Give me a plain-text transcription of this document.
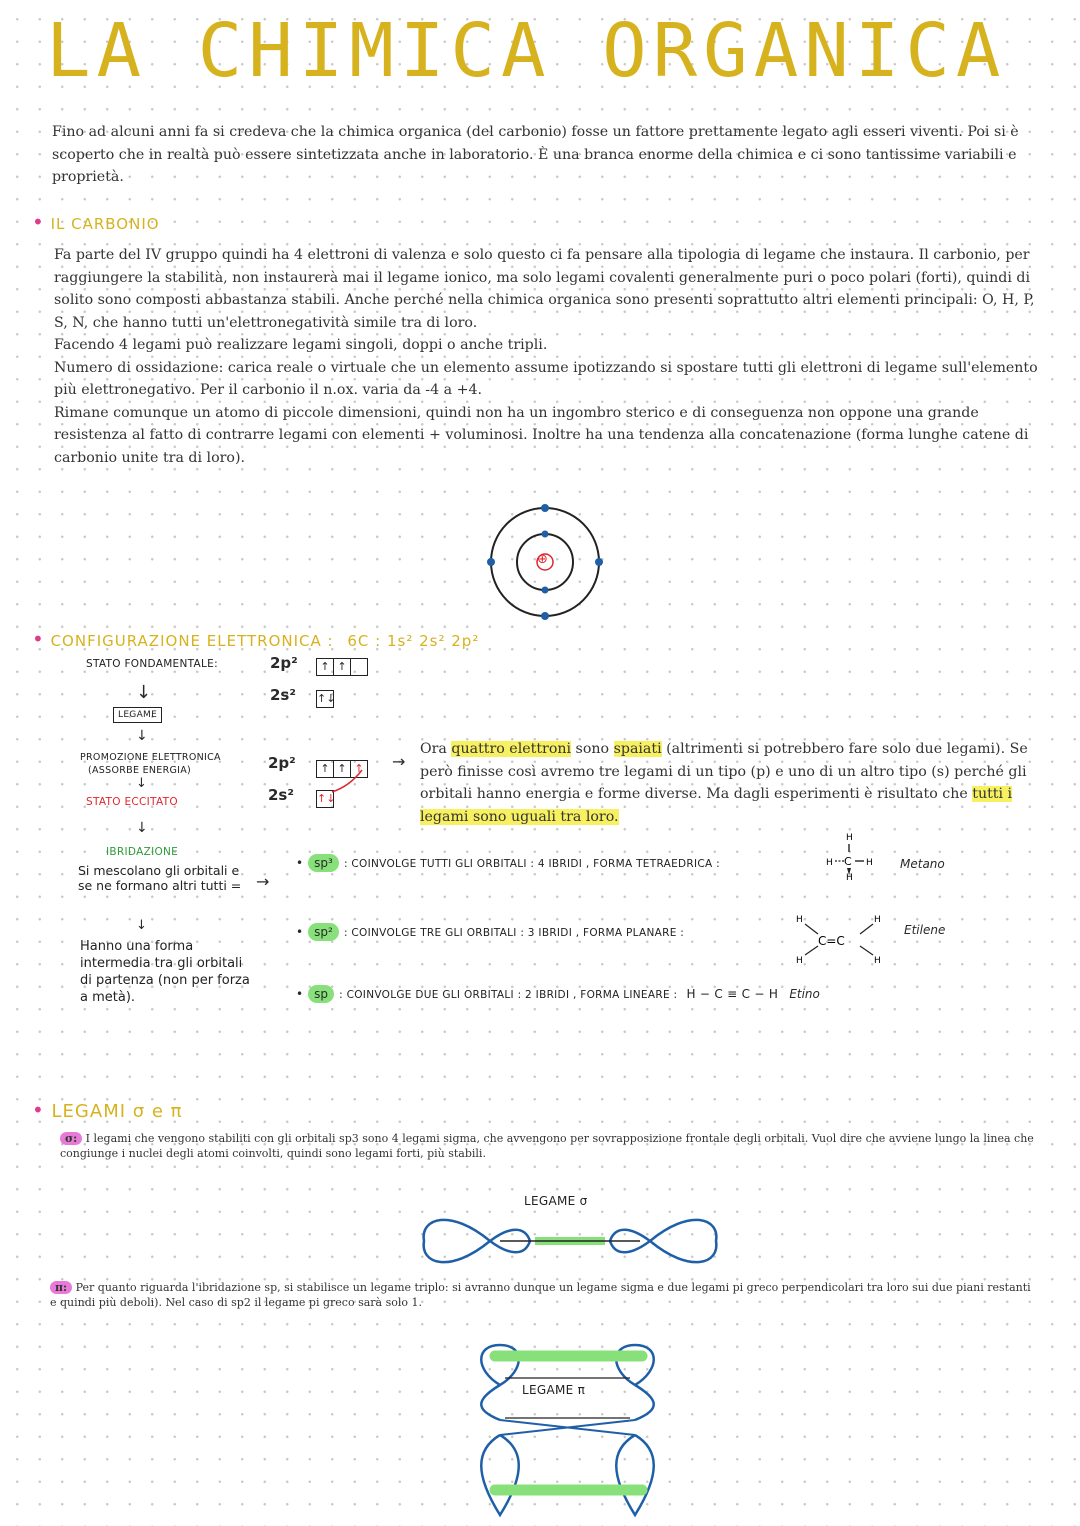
LA CHIMICA ORGANICA
Fino ad alcuni anni fa si credeva che la chimica organica (del carbonio) fosse un fattore prettamente legato agli esseri viventi. Poi si è scoperto che in realtà può essere sintetizzata anche in laboratorio. È una branca enorme della chimica e ci sono tantissime variabili e proprietà.
• IL CARBONIO
Fa parte del IV gruppo quindi ha 4 elettroni di valenza e solo questo ci fa pensare alla tipologia di legame che instaura. Il carbonio, per raggiungere la stabilità, non instaurerà mai il legame ionico, ma solo legami covalenti generalmente puri o poco polari (forti), quindi di solito sono composti abbastanza stabili. Anche perché nella chimica organica sono presenti soprattutto altri elementi principali: O, H, P, S, N, che hanno tutti un'elettronegatività simile tra di loro.
Facendo 4 legami può realizzare legami singoli, doppi o anche tripli.
Numero di ossidazione: carica reale o virtuale che un elemento assume ipotizzando si spostare tutti gli elettroni di legame sull'elemento più elettronegativo. Per il carbonio il n.ox. varia da -4 a +4.
Rimane comunque un atomo di piccole dimensioni, quindi non ha un ingombro sterico e di conseguenza non oppone una grande resistenza al fatto di contrarre legami con elementi + voluminosi. Inoltre ha una tendenza alla concatenazione (forma lunghe catene di carbonio unite tra di loro).
⊕
• CONFIGURAZIONE ELETTRONICA : 6C : 1s² 2s² 2p²
STATO FONDAMENTALE:	2p²	↑ ↑
2s² ↑↓
↓
LEGAME
↓
PROMOZIONE ELETTRONICA
(ASSORBE ENERGIA)
↓
STATO ECCITATO
2p²	↑ ↑ ↑
2s² ↑↓
→
Ora quattro elettroni sono spaiati (altrimenti si potrebbero fare solo due legami). Se però finisse così avremo tre legami di un tipo (p) e uno di un altro tipo (s) perché gli orbitali hanno energia e forme diverse. Ma dagli esperimenti è risultato che tutti i legami sono uguali tra loro.
↓
IBRIDAZIONE
Si mescolano gli orbitali e se ne formano altri tutti =
↓
Hanno una forma intermedia tra gli orbitali di partenza (non per forza a metà).
→
• sp³ : COINVOLGE TUTTI GLI ORBITALI : 4 IBRIDI , FORMA TETRAEDRICA :
H
H C H
H
Metano
• sp² : COINVOLGE TRE GLI ORBITALI : 3 IBRIDI , FORMA PLANARE :
H
H
H
H
C=C
Etilene
• sp : COINVOLGE DUE GLI ORBITALI : 2 IBRIDI , FORMA LINEARE : H − C ≡ C − H Etino
• LEGAMI σ e π
σ: I legami che vengono stabiliti con gli orbitali sp3 sono 4 legami sigma, che avvengono per sovrapposizione frontale degli orbitali. Vuol dire che avviene lungo la linea che congiunge i nuclei degli atomi coinvolti, quindi sono legami forti, più stabili.
LEGAME σ
π: Per quanto riguarda l'ibridazione sp, si stabilisce un legame triplo: si avranno dunque un legame sigma e due legami pi greco perpendicolari tra loro sui due piani restanti e quindi più deboli). Nel caso di sp2 il legame pi greco sarà solo 1.
LEGAME π
